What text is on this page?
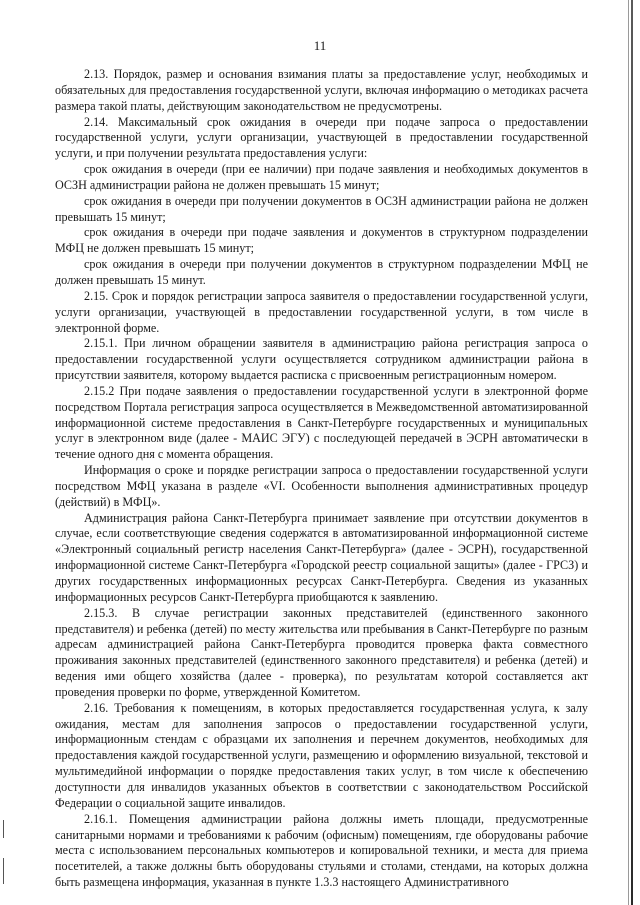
11

2.13. Порядок, размер и основания взимания платы за предоставление услуг, необходимых и обязательных для предоставления государственной услуги, включая информацию о методиках расчета размера такой платы, действующим законодательством не предусмотрены.

2.14. Максимальный срок ожидания в очереди при подаче запроса о предоставлении государственной услуги, услуги организации, участвующей в предоставлении государственной услуги, и при получении результата предоставления услуги:

срок ожидания в очереди (при ее наличии) при подаче заявления и необходимых документов в ОСЗН администрации района не должен превышать 15 минут;

срок ожидания в очереди при получении документов в ОСЗН администрации района не должен превышать 15 минут;

срок ожидания в очереди при подаче заявления и документов в структурном подразделении МФЦ не должен превышать 15 минут;

срок ожидания в очереди при получении документов в структурном подразделении МФЦ не должен превышать 15 минут.

2.15. Срок и порядок регистрации запроса заявителя о предоставлении государственной услуги, услуги организации, участвующей в предоставлении государственной услуги, в том числе в электронной форме.

2.15.1. При личном обращении заявителя в администрацию района регистрация запроса о предоставлении государственной услуги осуществляется сотрудником администрации района в присутствии заявителя, которому выдается расписка с присвоенным регистрационным номером.

2.15.2 При подаче заявления о предоставлении государственной услуги в электронной форме посредством Портала регистрация запроса осуществляется в Межведомственной автоматизированной информационной системе предоставления в Санкт-Петербурге государственных и муниципальных услуг в электронном виде (далее - МАИС ЭГУ) с последующей передачей в ЭСРН автоматически в течение одного дня с момента обращения.

Информация о сроке и порядке регистрации запроса о предоставлении государственной услуги посредством МФЦ указана в разделе «VI. Особенности выполнения административных процедур (действий) в МФЦ».

Администрация района Санкт-Петербурга принимает заявление при отсутствии документов в случае, если соответствующие сведения содержатся в автоматизированной информационной системе «Электронный социальный регистр населения Санкт-Петербурга» (далее - ЭСРН), государственной информационной системе Санкт-Петербурга «Городской реестр социальной защиты» (далее - ГРСЗ) и других государственных информационных ресурсах Санкт-Петербурга. Сведения из указанных информационных ресурсов Санкт-Петербурга приобщаются к заявлению.

2.15.3. В случае регистрации законных представителей (единственного законного представителя) и ребенка (детей) по месту жительства или пребывания в Санкт-Петербурге по разным адресам администрацией района Санкт-Петербурга проводится проверка факта совместного проживания законных представителей (единственного законного представителя) и ребенка (детей) и ведения ими общего хозяйства (далее - проверка), по результатам которой составляется акт проведения проверки по форме, утвержденной Комитетом.

2.16. Требования к помещениям, в которых предоставляется государственная услуга, к залу ожидания, местам для заполнения запросов о предоставлении государственной услуги, информационным стендам с образцами их заполнения и перечнем документов, необходимых для предоставления каждой государственной услуги, размещению и оформлению визуальной, текстовой и мультимедийной информации о порядке предоставления таких услуг, в том числе к обеспечению доступности для инвалидов указанных объектов в соответствии с законодательством Российской Федерации о социальной защите инвалидов.

2.16.1. Помещения администрации района должны иметь площади, предусмотренные санитарными нормами и требованиями к рабочим (офисным) помещениям, где оборудованы рабочие места с использованием персональных компьютеров и копировальной техники, и места для приема посетителей, а также должны быть оборудованы стульями и столами, стендами, на которых должна быть размещена информация, указанная в пункте 1.3.3 настоящего Административного
